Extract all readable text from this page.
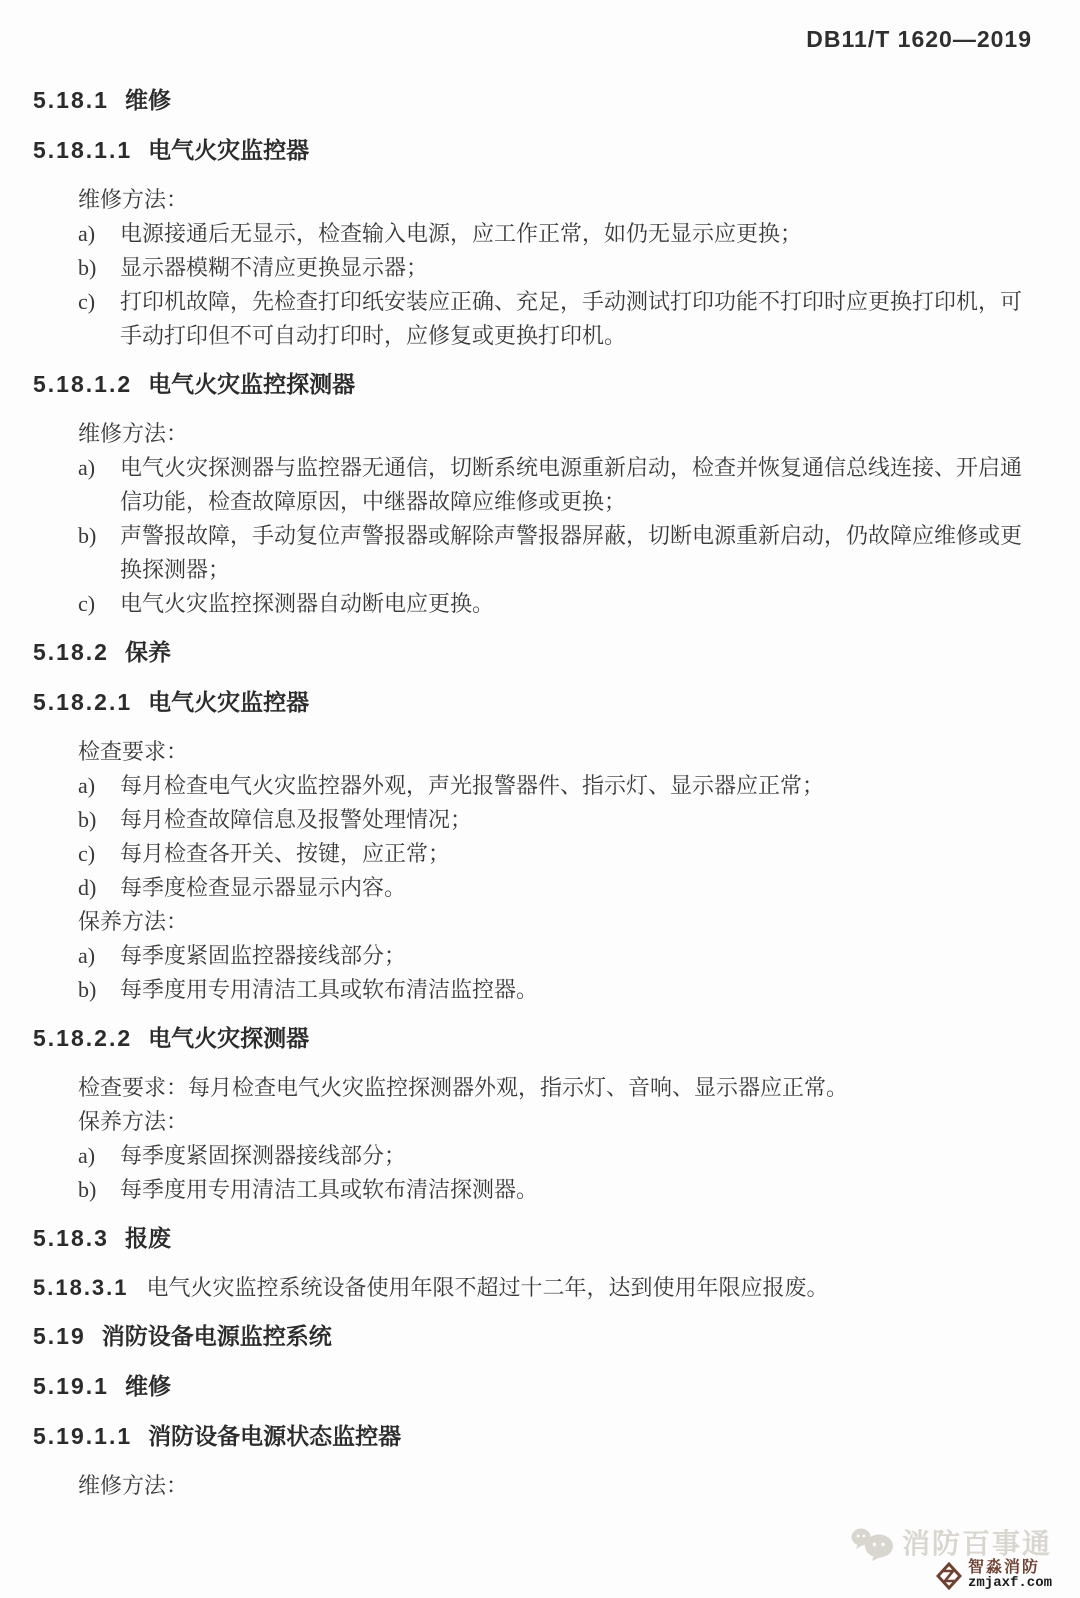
DB11/T 1620—2019
5.18.1 维修
5.18.1.1 电气火灾监控器
维修方法：
a)	电源接通后无显示，检查输入电源，应工作正常，如仍无显示应更换；
b)	显示器模糊不清应更换显示器；
c)	打印机故障，先检查打印纸安装应正确、充足，手动测试打印功能不打印时应更换打印机，可手动打印但不可自动打印时，应修复或更换打印机。
5.18.1.2 电气火灾监控探测器
维修方法：
a)	电气火灾探测器与监控器无通信，切断系统电源重新启动，检查并恢复通信总线连接、开启通信功能，检查故障原因，中继器故障应维修或更换；
b)	声警报故障，手动复位声警报器或解除声警报器屏蔽，切断电源重新启动，仍故障应维修或更换探测器；
c)	电气火灾监控探测器自动断电应更换。
5.18.2 保养
5.18.2.1 电气火灾监控器
检查要求：
a)	每月检查电气火灾监控器外观，声光报警器件、指示灯、显示器应正常；
b)	每月检查故障信息及报警处理情况；
c)	每月检查各开关、按键，应正常；
d)	每季度检查显示器显示内容。
保养方法：
a)	每季度紧固监控器接线部分；
b)	每季度用专用清洁工具或软布清洁监控器。
5.18.2.2 电气火灾探测器
检查要求：每月检查电气火灾监控探测器外观，指示灯、音响、显示器应正常。
保养方法：
a)	每季度紧固探测器接线部分；
b)	每季度用专用清洁工具或软布清洁探测器。
5.18.3 报废
5.18.3.1 电气火灾监控系统设备使用年限不超过十二年，达到使用年限应报废。
5.19 消防设备电源监控系统
5.19.1 维修
5.19.1.1 消防设备电源状态监控器
维修方法：
消防百事通
智淼消防
zmjaxf.com
